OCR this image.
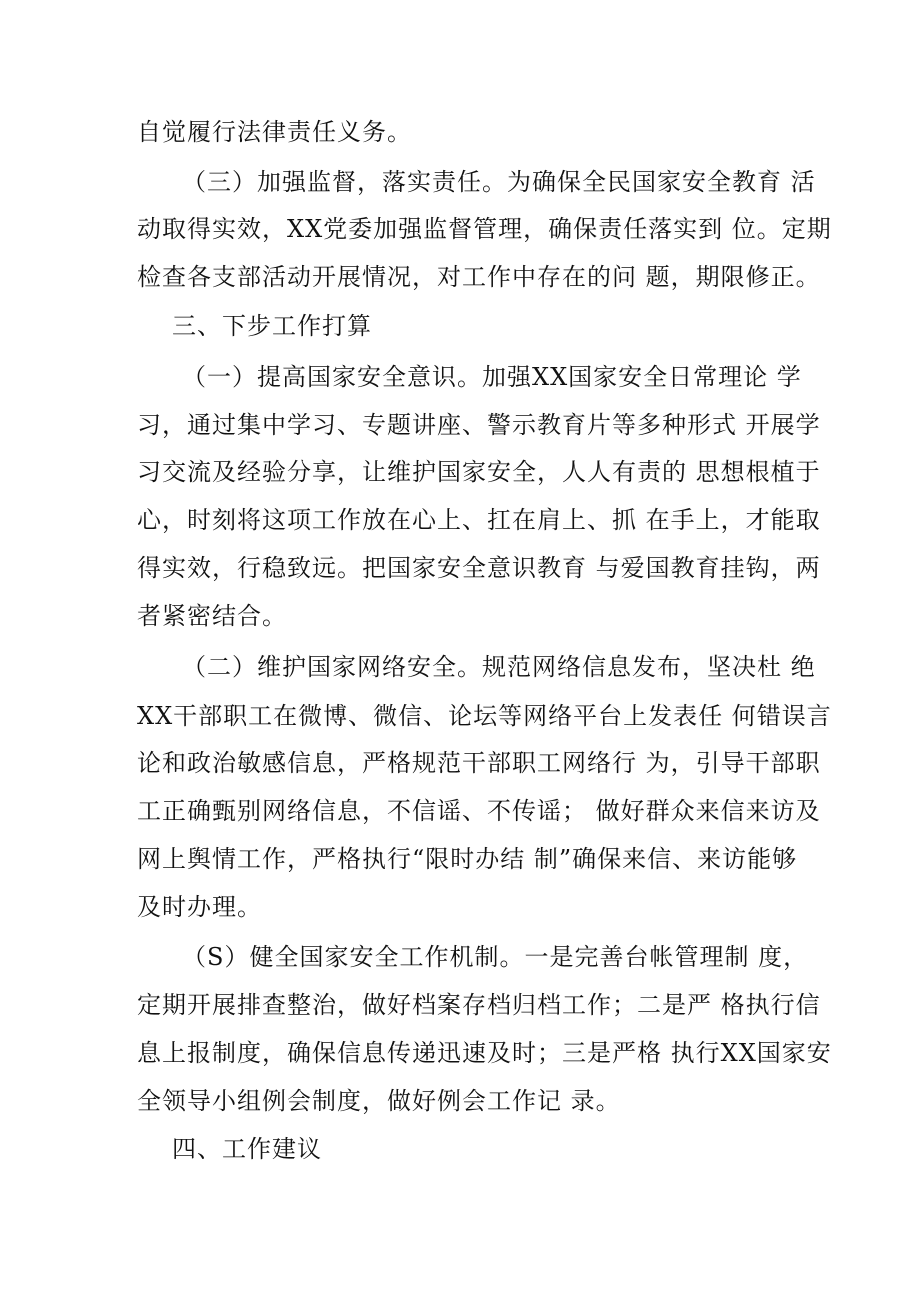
自觉履行法律责任义务。
（三）加强监督，落实责任。为确保全民国家安全教育 活
动取得实效，XX党委加强监督管理，确保责任落实到 位。定期
检查各支部活动开展情况，对工作中存在的问 题，期限修正。
三、下步工作打算
（一）提高国家安全意识。加强XX国家安全日常理论 学
习，通过集中学习、专题讲座、警示教育片等多种形式 开展学
习交流及经验分享，让维护国家安全，人人有责的 思想根植于
心，时刻将这项工作放在心上、扛在肩上、抓 在手上，才能取
得实效，行稳致远。把国家安全意识教育 与爱国教育挂钩，两
者紧密结合。
（二）维护国家网络安全。规范网络信息发布，坚决杜 绝
XX干部职工在微博、微信、论坛等网络平台上发表任 何错误言
论和政治敏感信息，严格规范干部职工网络行 为，引导干部职
工正确甄别网络信息，不信谣、不传谣； 做好群众来信来访及
网上舆情工作，严格执行“限时办结 制”确保来信、来访能够
及时办理。
（S）健全国家安全工作机制。一是完善台帐管理制 度，
定期开展排查整治，做好档案存档归档工作；二是严 格执行信
息上报制度，确保信息传递迅速及时；三是严格 执行XX国家安
全领导小组例会制度，做好例会工作记 录。
四、工作建议
